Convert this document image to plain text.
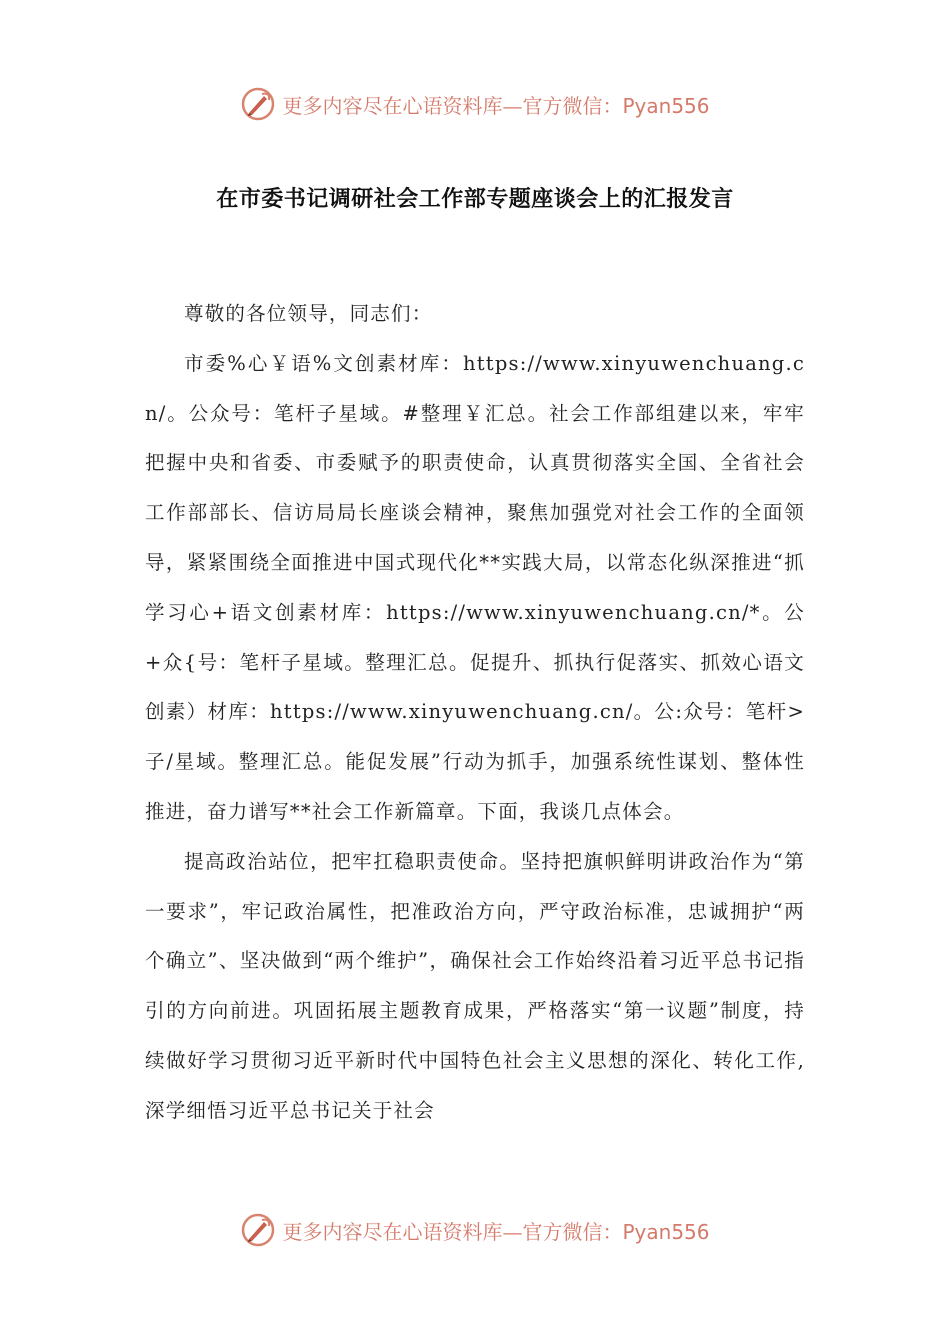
更多内容尽在心语资料库—官方微信：Pyan556
在市委书记调研社会工作部专题座谈会上的汇报发言

尊敬的各位领导，同志们：

市委%心￥语%文创素材库：https://www.xinyuwenchuang.cn/。公众号：笔杆子星域。#整理￥汇总。社会工作部组建以来，牢牢把握中央和省委、市委赋予的职责使命，认真贯彻落实全国、全省社会工作部部长、信访局局长座谈会精神，聚焦加强党对社会工作的全面领导，紧紧围绕全面推进中国式现代化**实践大局，以常态化纵深推进“抓学习心+语文创素材库：https://www.xinyuwenchuang.cn/*。公+众{号：笔杆子星域。整理汇总。促提升、抓执行促落实、抓效心语文创素）材库：https://www.xinyuwenchuang.cn/。公:众号：笔杆>子/星域。整理汇总。能促发展”行动为抓手，加强系统性谋划、整体性推进，奋力谱写**社会工作新篇章。下面，我谈几点体会。

提高政治站位，把牢扛稳职责使命。坚持把旗帜鲜明讲政治作为“第一要求”，牢记政治属性，把准政治方向，严守政治标准，忠诚拥护“两个确立”、坚决做到“两个维护”，确保社会工作始终沿着习近平总书记指引的方向前进。巩固拓展主题教育成果，严格落实“第一议题”制度，持续做好学习贯彻习近平新时代中国特色社会主义思想的深化、转化工作,深学细悟习近平总书记关于社会

更多内容尽在心语资料库—官方微信：Pyan556
